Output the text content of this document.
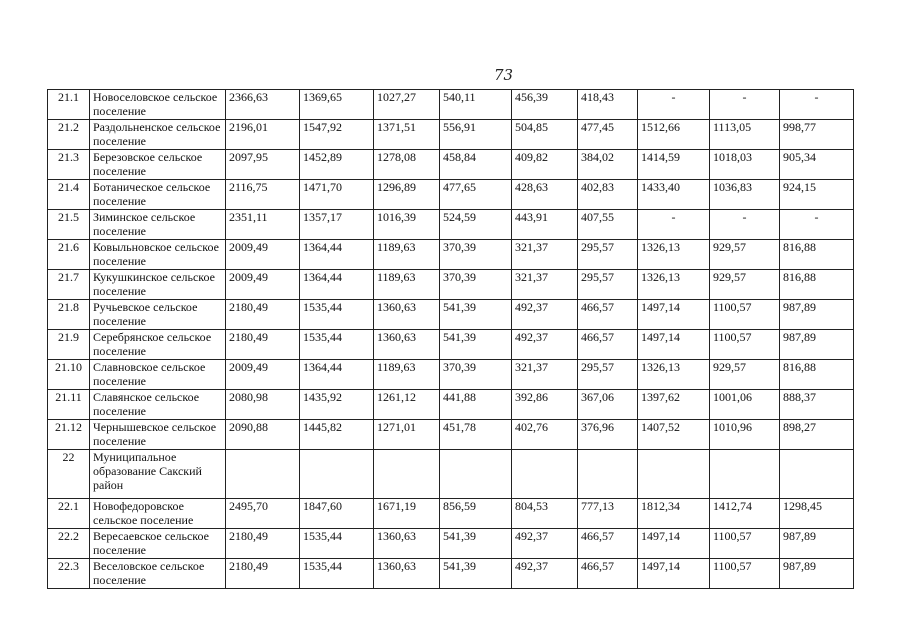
73
21.1	Новоселовское сельское поселение	2366,63	1369,65	1027,27	540,11	456,39	418,43	-	-	-
21.2	Раздольненское сельское поселение	2196,01	1547,92	1371,51	556,91	504,85	477,45	1512,66	1113,05	998,77
21.3	Березовское сельское поселение	2097,95	1452,89	1278,08	458,84	409,82	384,02	1414,59	1018,03	905,34
21.4	Ботаническое сельское поселение	2116,75	1471,70	1296,89	477,65	428,63	402,83	1433,40	1036,83	924,15
21.5	Зиминское сельское поселение	2351,11	1357,17	1016,39	524,59	443,91	407,55	-	-	-
21.6	Ковыльновское сельское поселение	2009,49	1364,44	1189,63	370,39	321,37	295,57	1326,13	929,57	816,88
21.7	Кукушкинское сельское поселение	2009,49	1364,44	1189,63	370,39	321,37	295,57	1326,13	929,57	816,88
21.8	Ручьевское сельское поселение	2180,49	1535,44	1360,63	541,39	492,37	466,57	1497,14	1100,57	987,89
21.9	Серебрянское сельское поселение	2180,49	1535,44	1360,63	541,39	492,37	466,57	1497,14	1100,57	987,89
21.10	Славновское сельское поселение	2009,49	1364,44	1189,63	370,39	321,37	295,57	1326,13	929,57	816,88
21.11	Славянское сельское поселение	2080,98	1435,92	1261,12	441,88	392,86	367,06	1397,62	1001,06	888,37
21.12	Чернышевское сельское поселение	2090,88	1445,82	1271,01	451,78	402,76	376,96	1407,52	1010,96	898,27
22	Муниципальное образование Сакский район									
22.1	Новофедоровское сельское поселение	2495,70	1847,60	1671,19	856,59	804,53	777,13	1812,34	1412,74	1298,45
22.2	Вересаевское сельское поселение	2180,49	1535,44	1360,63	541,39	492,37	466,57	1497,14	1100,57	987,89
22.3	Веселовское сельское поселение	2180,49	1535,44	1360,63	541,39	492,37	466,57	1497,14	1100,57	987,89
